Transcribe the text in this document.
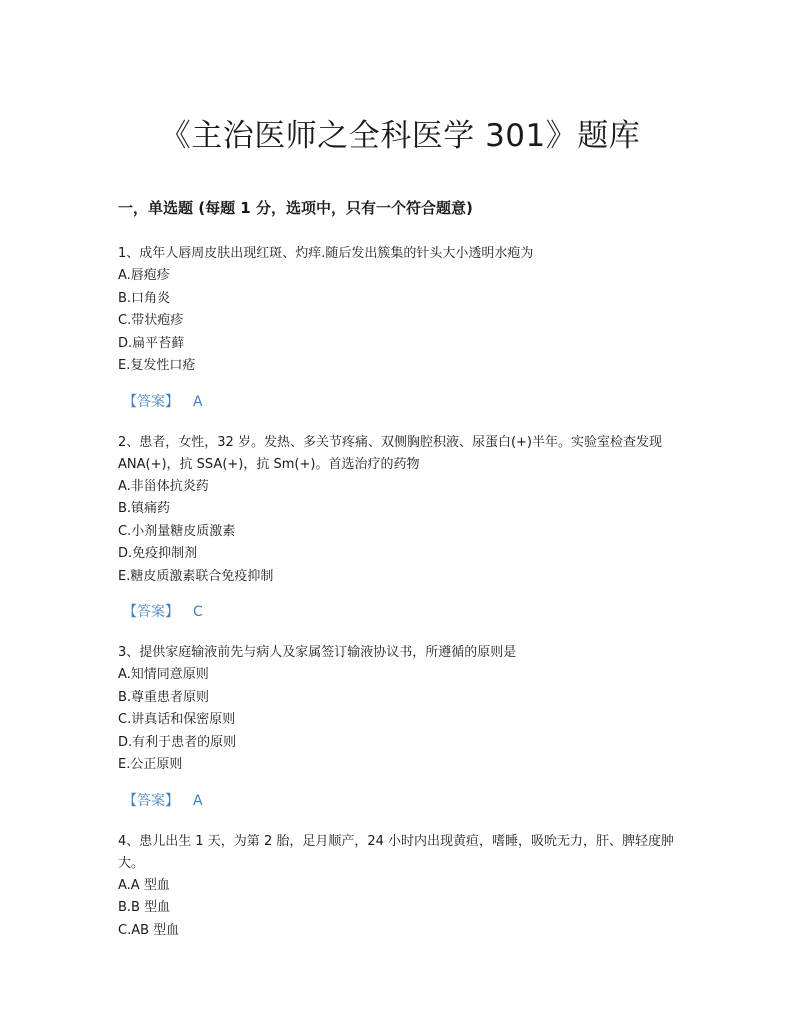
《主治医师之全科医学 301》题库
一，单选题 (每题 1 分，选项中，只有一个符合题意)

1、成年人唇周皮肤出现红斑、灼痒.随后发出簇集的针头大小透明水疱为

A.唇疱疹

B.口角炎

C.带状疱疹

D.扁平苔藓

E.复发性口疮

【答案】 A

2、患者，女性，32 岁。发热、多关节疼痛、双侧胸腔积液、尿蛋白(+)半年。实验室检查发现 ANA(+)，抗 SSA(+)，抗 Sm(+)。首选治疗的药物

A.非甾体抗炎药

B.镇痛药

C.小剂量糖皮质激素

D.免疫抑制剂

E.糖皮质激素联合免疫抑制

【答案】 C

3、提供家庭输液前先与病人及家属签订输液协议书，所遵循的原则是

A.知情同意原则

B.尊重患者原则

C.讲真话和保密原则

D.有利于患者的原则

E.公正原则

【答案】 A

4、患儿出生 1 天，为第 2 胎，足月顺产，24 小时内出现黄疸，嗜睡，吸吮无力，肝、脾轻度肿大。

A.A 型血

B.B 型血

C.AB 型血
